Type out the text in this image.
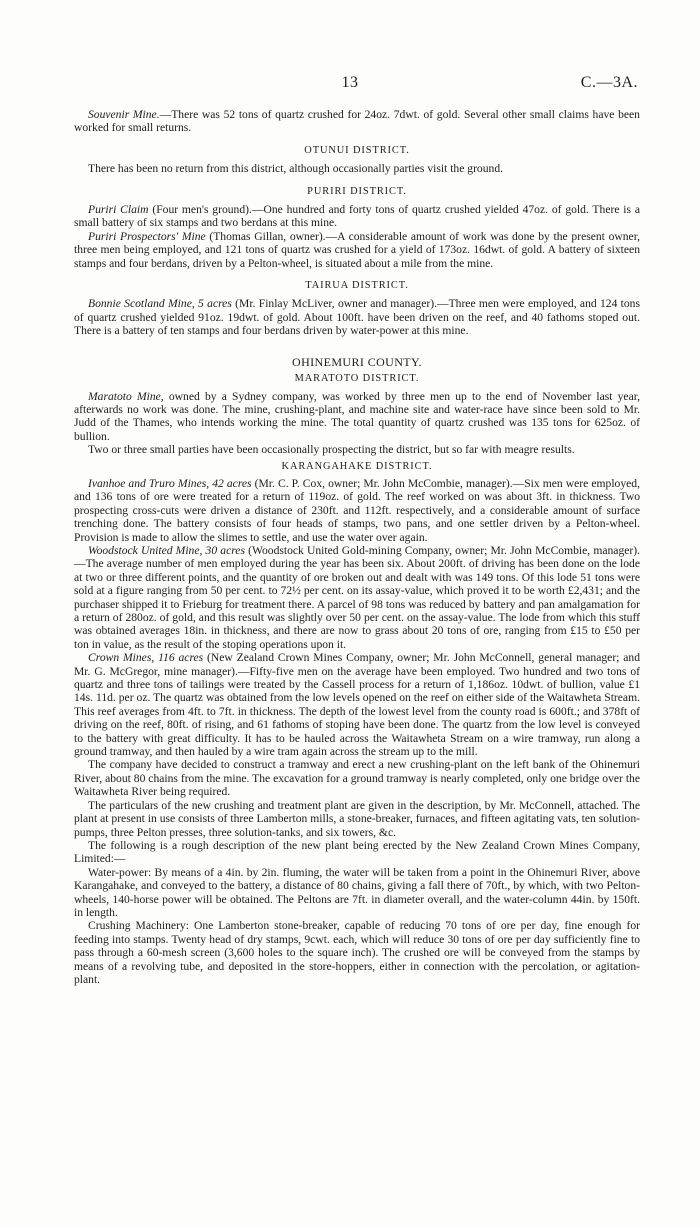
13	C.—3A.

Souvenir Mine.—There was 52 tons of quartz crushed for 24oz. 7dwt. of gold. Several other small claims have been worked for small returns.

OTUNUI DISTRICT.

There has been no return from this district, although occasionally parties visit the ground.

PURIRI DISTRICT.

Puriri Claim (Four men's ground).—One hundred and forty tons of quartz crushed yielded 47oz. of gold. There is a small battery of six stamps and two berdans at this mine.

Puriri Prospectors' Mine (Thomas Gillan, owner).—A considerable amount of work was done by the present owner, three men being employed, and 121 tons of quartz was crushed for a yield of 173oz. 16dwt. of gold. A battery of sixteen stamps and four berdans, driven by a Pelton-wheel, is situated about a mile from the mine.

TAIRUA DISTRICT.

Bonnie Scotland Mine, 5 acres (Mr. Finlay McLiver, owner and manager).—Three men were employed, and 124 tons of quartz crushed yielded 91oz. 19dwt. of gold. About 100ft. have been driven on the reef, and 40 fathoms stoped out. There is a battery of ten stamps and four berdans driven by water-power at this mine.

OHINEMURI COUNTY.
MARATOTO DISTRICT.

Maratoto Mine, owned by a Sydney company, was worked by three men up to the end of November last year, afterwards no work was done. The mine, crushing-plant, and machine site and water-race have since been sold to Mr. Judd of the Thames, who intends working the mine. The total quantity of quartz crushed was 135 tons for 625oz. of bullion.

Two or three small parties have been occasionally prospecting the district, but so far with meagre results.

KARANGAHAKE DISTRICT.

Ivanhoe and Truro Mines, 42 acres (Mr. C. P. Cox, owner; Mr. John McCombie, manager).—Six men were employed, and 136 tons of ore were treated for a return of 119oz. of gold. The reef worked on was about 3ft. in thickness. Two prospecting cross-cuts were driven a distance of 230ft. and 112ft. respectively, and a considerable amount of surface trenching done. The battery consists of four heads of stamps, two pans, and one settler driven by a Pelton-wheel. Provision is made to allow the slimes to settle, and use the water over again.

Woodstock United Mine, 30 acres (Woodstock United Gold-mining Company, owner; Mr. John McCombie, manager).—The average number of men employed during the year has been six. About 200ft. of driving has been done on the lode at two or three different points, and the quantity of ore broken out and dealt with was 149 tons. Of this lode 51 tons were sold at a figure ranging from 50 per cent. to 72½ per cent. on its assay-value, which proved it to be worth £2,431; and the purchaser shipped it to Frieburg for treatment there. A parcel of 98 tons was reduced by battery and pan amalgamation for a return of 280oz. of gold, and this result was slightly over 50 per cent. on the assay-value. The lode from which this stuff was obtained averages 18in. in thickness, and there are now to grass about 20 tons of ore, ranging from £15 to £50 per ton in value, as the result of the stoping operations upon it.

Crown Mines, 116 acres (New Zealand Crown Mines Company, owner; Mr. John McConnell, general manager; and Mr. G. McGregor, mine manager).—Fifty-five men on the average have been employed. Two hundred and two tons of quartz and three tons of tailings were treated by the Cassell process for a return of 1,186oz. 10dwt. of bullion, value £1 14s. 11d. per oz. The quartz was obtained from the low levels opened on the reef on either side of the Waitawheta Stream. This reef averages from 4ft. to 7ft. in thickness. The depth of the lowest level from the county road is 600ft.; and 378ft of driving on the reef, 80ft. of rising, and 61 fathoms of stoping have been done. The quartz from the low level is conveyed to the battery with great difficulty. It has to be hauled across the Waitawheta Stream on a wire tramway, run along a ground tramway, and then hauled by a wire tram again across the stream up to the mill.

The company have decided to construct a tramway and erect a new crushing-plant on the left bank of the Ohinemuri River, about 80 chains from the mine. The excavation for a ground tramway is nearly completed, only one bridge over the Waitawheta River being required.

The particulars of the new crushing and treatment plant are given in the description, by Mr. McConnell, attached. The plant at present in use consists of three Lamberton mills, a stone-breaker, furnaces, and fifteen agitating vats, ten solution-pumps, three Pelton presses, three solution-tanks, and six towers, &c.

The following is a rough description of the new plant being erected by the New Zealand Crown Mines Company, Limited:—

Water-power: By means of a 4in. by 2in. fluming, the water will be taken from a point in the Ohinemuri River, above Karangahake, and conveyed to the battery, a distance of 80 chains, giving a fall there of 70ft., by which, with two Pelton-wheels, 140-horse power will be obtained. The Peltons are 7ft. in diameter overall, and the water-column 44in. by 150ft. in length.

Crushing Machinery: One Lamberton stone-breaker, capable of reducing 70 tons of ore per day, fine enough for feeding into stamps. Twenty head of dry stamps, 9cwt. each, which will reduce 30 tons of ore per day sufficiently fine to pass through a 60-mesh screen (3,600 holes to the square inch). The crushed ore will be conveyed from the stamps by means of a revolving tube, and deposited in the store-hoppers, either in connection with the percolation, or agitation-plant.
